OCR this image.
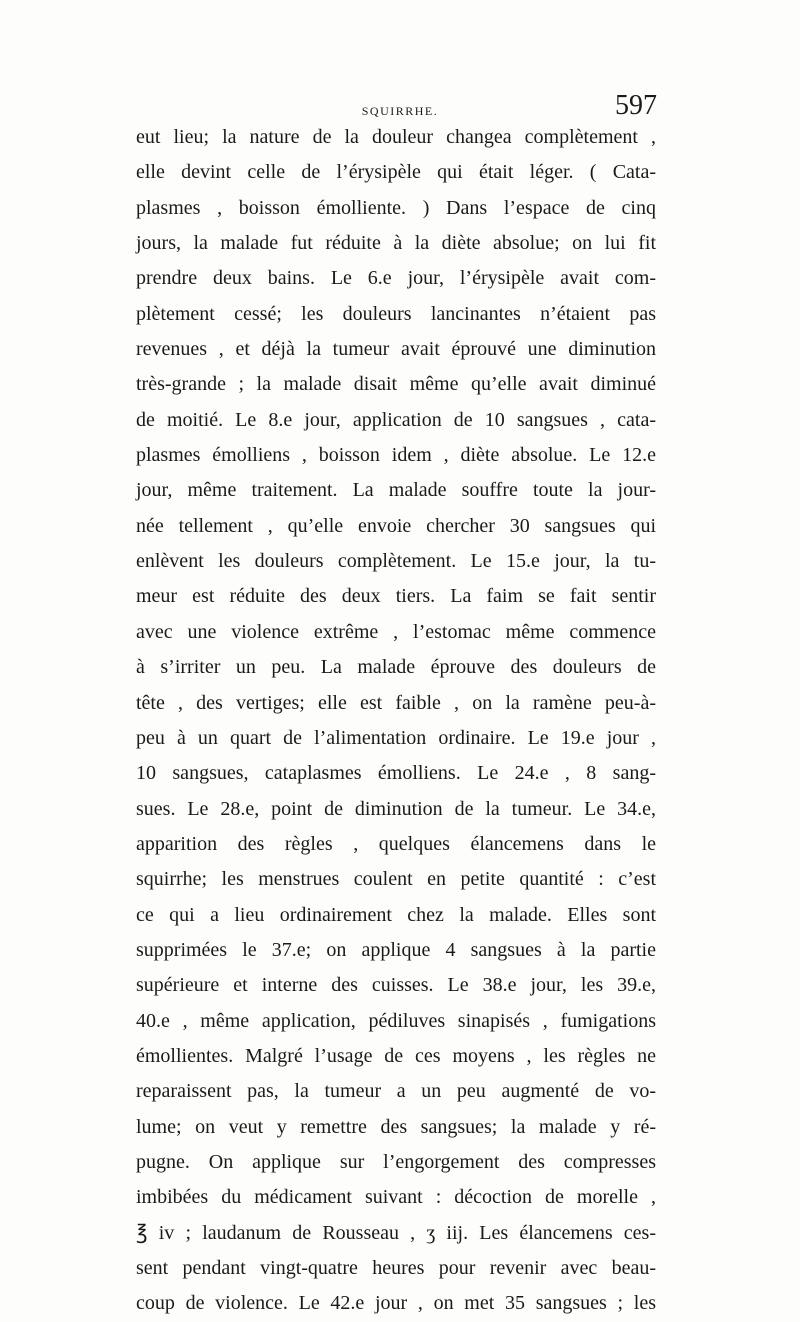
SQUIRRHE.	597
eut lieu; la nature de la douleur changea complètement ,
elle devint celle de l’érysipèle qui était léger. ( Cata-
plasmes , boisson émolliente. ) Dans l’espace de cinq
jours, la malade fut réduite à la diète absolue; on lui fit
prendre deux bains. Le 6.e jour, l’érysipèle avait com-
plètement cessé; les douleurs lancinantes n’étaient pas
revenues , et déjà la tumeur avait éprouvé une diminution
très-grande ; la malade disait même qu’elle avait diminué
de moitié. Le 8.e jour, application de 10 sangsues , cata-
plasmes émolliens , boisson idem , diète absolue. Le 12.e
jour, même traitement. La malade souffre toute la jour-
née tellement , qu’elle envoie chercher 30 sangsues qui
enlèvent les douleurs complètement. Le 15.e jour, la tu-
meur est réduite des deux tiers. La faim se fait sentir
avec une violence extrême , l’estomac même commence
à s’irriter un peu. La malade éprouve des douleurs de
tête , des vertiges; elle est faible , on la ramène peu-à-
peu à un quart de l’alimentation ordinaire. Le 19.e jour ,
10 sangsues, cataplasmes émolliens. Le 24.e , 8 sang-
sues. Le 28.e, point de diminution de la tumeur. Le 34.e,
apparition des règles , quelques élancemens dans le
squirrhe; les menstrues coulent en petite quantité : c’est
ce qui a lieu ordinairement chez la malade. Elles sont
supprimées le 37.e; on applique 4 sangsues à la partie
supérieure et interne des cuisses. Le 38.e jour, les 39.e,
40.e , même application, pédiluves sinapisés , fumigations
émollientes. Malgré l’usage de ces moyens , les règles ne
reparaissent pas, la tumeur a un peu augmenté de vo-
lume; on veut y remettre des sangsues; la malade y ré-
pugne. On applique sur l’engorgement des compresses
imbibées du médicament suivant : décoction de morelle ,
℥ iv ; laudanum de Rousseau , ʒ iij. Les élancemens ces-
sent pendant vingt-quatre heures pour revenir avec beau-
coup de violence. Le 42.e jour , on met 35 sangsues ; les
